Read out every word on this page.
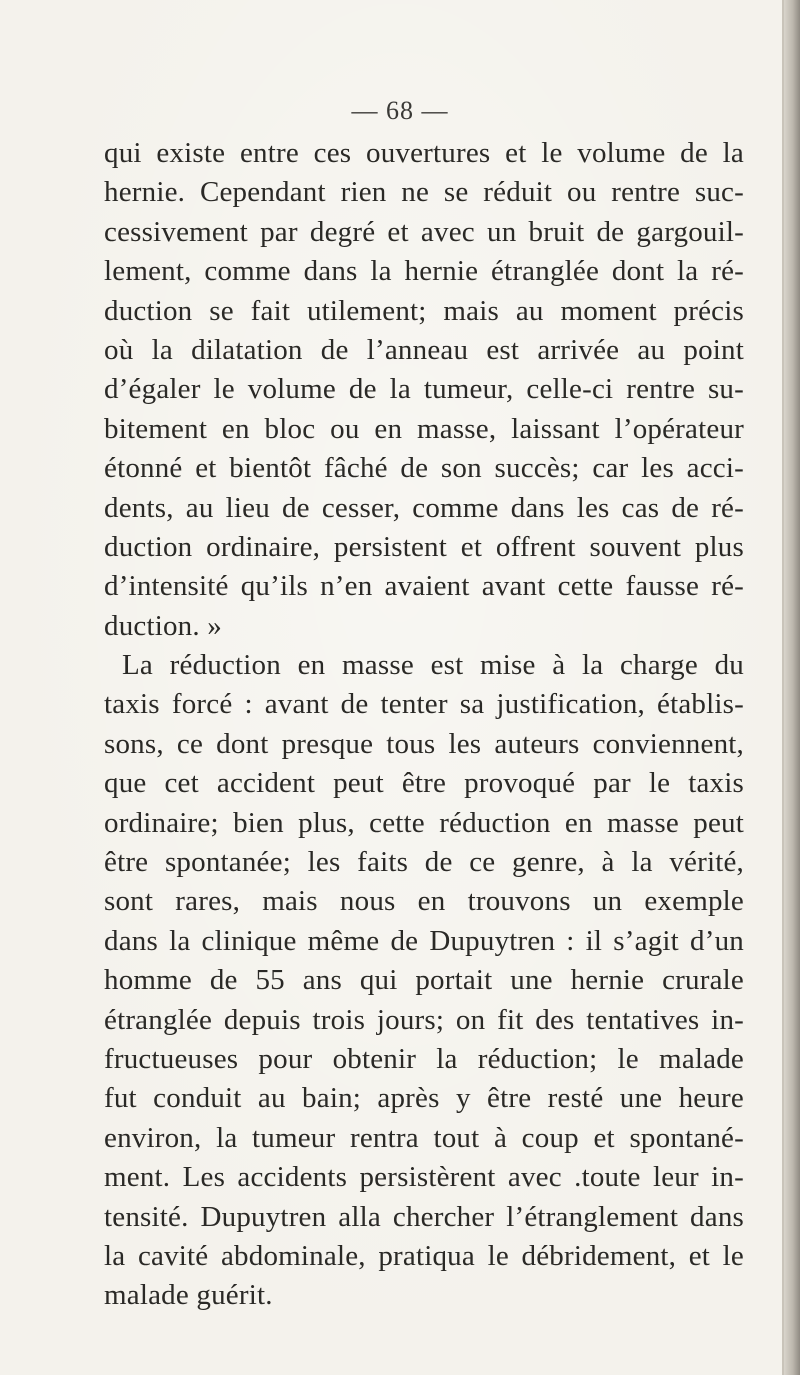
— 68 —
qui existe entre ces ouvertures et le volume de la
hernie. Cependant rien ne se réduit ou rentre suc-
cessivement par degré et avec un bruit de gargouil-
lement, comme dans la hernie étranglée dont la ré-
duction se fait utilement; mais au moment précis
où la dilatation de l’anneau est arrivée au point
d’égaler le volume de la tumeur, celle-ci rentre su-
bitement en bloc ou en masse, laissant l’opérateur
étonné et bientôt fâché de son succès; car les acci-
dents, au lieu de cesser, comme dans les cas de ré-
duction ordinaire, persistent et offrent souvent plus
d’intensité qu’ils n’en avaient avant cette fausse ré-
duction. »
La réduction en masse est mise à la charge du
taxis forcé : avant de tenter sa justification, établis-
sons, ce dont presque tous les auteurs conviennent,
que cet accident peut être provoqué par le taxis
ordinaire; bien plus, cette réduction en masse peut
être spontanée; les faits de ce genre, à la vérité,
sont rares, mais nous en trouvons un exemple
dans la clinique même de Dupuytren : il s’agit d’un
homme de 55 ans qui portait une hernie crurale
étranglée depuis trois jours; on fit des tentatives in-
fructueuses pour obtenir la réduction; le malade
fut conduit au bain; après y être resté une heure
environ, la tumeur rentra tout à coup et spontané-
ment. Les accidents persistèrent avec .toute leur in-
tensité. Dupuytren alla chercher l’étranglement dans
la cavité abdominale, pratiqua le débridement, et le
malade guérit.
